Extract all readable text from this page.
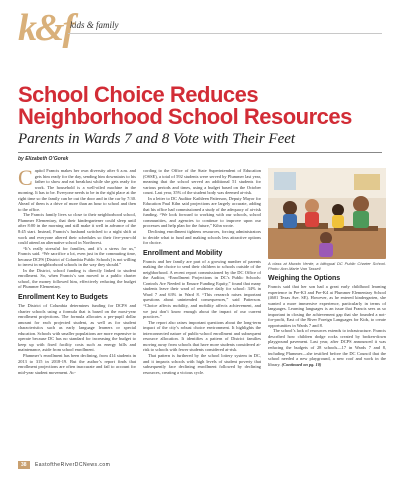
k&f
kids & family
School Choice Reduces
Neighborhood School Resources
Parents in Wards 7 and 8 Vote with Their Feet
by Elizabeth O’Gorek

Capitol Francis makes her own diversity after 6 a.m. and gets him ready for the day, sending him downstairs to his father to show and eat breakfast while she gets ready for work. The household is a well-oiled machine in the morning. It has to be. Everyone needs to be in the right place at the right time so the family can be out the door and in the car by 7:30. Ahead of them is a drive of more than an hour to school and then to the office.

The Francis family lives so close to their neighborhood school, Plummer Elementary, that their kindergartener could sleep until after 8:00 in the morning and still make it well in advance of the 8:45 start. Instead, Francis’s husband switched to a night shift at work and everyone altered their schedules so their five-year-old could attend an alternative school in Northwest.

“It’s really stressful for families, and it’s a stress for us,” Francis said. “We sacrifice a lot, even just in the commuting time, because DCPS [District of Columbia Public Schools] is not willing to invest in neighborhood schools in the way they should.”

In the District, school funding is directly linked to student enrollment. So, when Francis’s son moved to a public charter school, the money followed him, effectively reducing the budget of Plummer Elementary.

Enrollment Key to Budgets

The District of Columbia determines funding for DCPS and charter schools using a formula that is based on the most-year enrollment projections. The formula allocates a per-pupil dollar amount for each projected student, as well as for student characteristics such as early language learners or special education. Schools with smaller populations are more expensive to operate because DC has no standard for increasing the budget to keep up with fixed facility costs such as energy bills and maintenance, aside from school enrollment.

Plummer’s enrollment has been declining, from 414 students in 2013 to 315 in 2018-19. But the author’s report finds that enrollment projections are often inaccurate and fail to account for mid-year student movement. Ac-

cording to the Office of the State Superintendent of Education (OSSE), a total of 592 students were served by Plummer last year, meaning that the school served an additional 51 students for various periods and times, using a budget based on the October count. Last year, 35% of the student body was deemed at-risk.

In a letter to DC Auditor Kathleen Patterson, Deputy Mayor for Education Paul Kihn said projections are largely accurate, adding that his office had commissioned a study of the adequacy of at-risk funding. “We look forward to working with our schools, school communities, and agencies to continue to improve upon our processes and help plan for the future,” Kihn wrote.

Declining enrollment tightens resources, forcing administrators to decide what to fund and making schools less attractive options for choice.

Enrollment and Mobility

Francis and her family are part of a growing number of parents making the choice to send their children to schools outside of the neighborhood. A recent report commissioned by the DC Office of the Auditor, “Enrollment Projections in DC’s Public Schools: Controls Are Needed to Ensure Funding Equity,” found that many students leave their ward of residence daily for school: 34% in Ward 7 and 63% in Ward 8. “This research raises important questions about unintended consequences,” said Patterson. “Choice affects mobility, and mobility affects achievement, and we just don’t know enough about the impact of our current practices.”

The report also raises important questions about the long-term impact of the city’s robust choice environment. It highlights the interconnected nature of public-school enrollment and subsequent resource allocation. It identifies a pattern of District families moving away from schools that have more students considered at-risk to schools with fewer students considered at-risk.

That pattern is furthered by the school lottery system in DC, and it impacts schools with high levels of student poverty that subsequently face declining enrollment followed by declining resources, creating a vicious cycle.

A class at Mundo Verde, a bilingual DC Public Charter School. Photo: Ann-Marie Van Tassell
Weighing the Options

Francis said that her son had a great early childhood learning experience in Pre-K3 and Pre-K4 at Plummer Elementary School (4601 Texas Ave. SE). However, as he entered kindergarten, she wanted a more immersive experience, particularly in terms of languages. Learning languages is an issue that Francis sees as so important in closing the achievement gap that she founded a not-for-profit, East of the River Foreign Languages for Kids, to create opportunities in Wards 7 and 8.

The school’s lack of resources extends to infrastructure. Francis described how children dodge rocks created by broken-down playground pavement. Last year, after DCPS announced it was reducing the budgets of 28 schools—17 in Wards 7 and 8, including Plummer—she testified before the DC Council that the school needed a new playground, a new roof and work in the library. (Continued on pg. 10)

38 EastoftheRiverDCNews.com
